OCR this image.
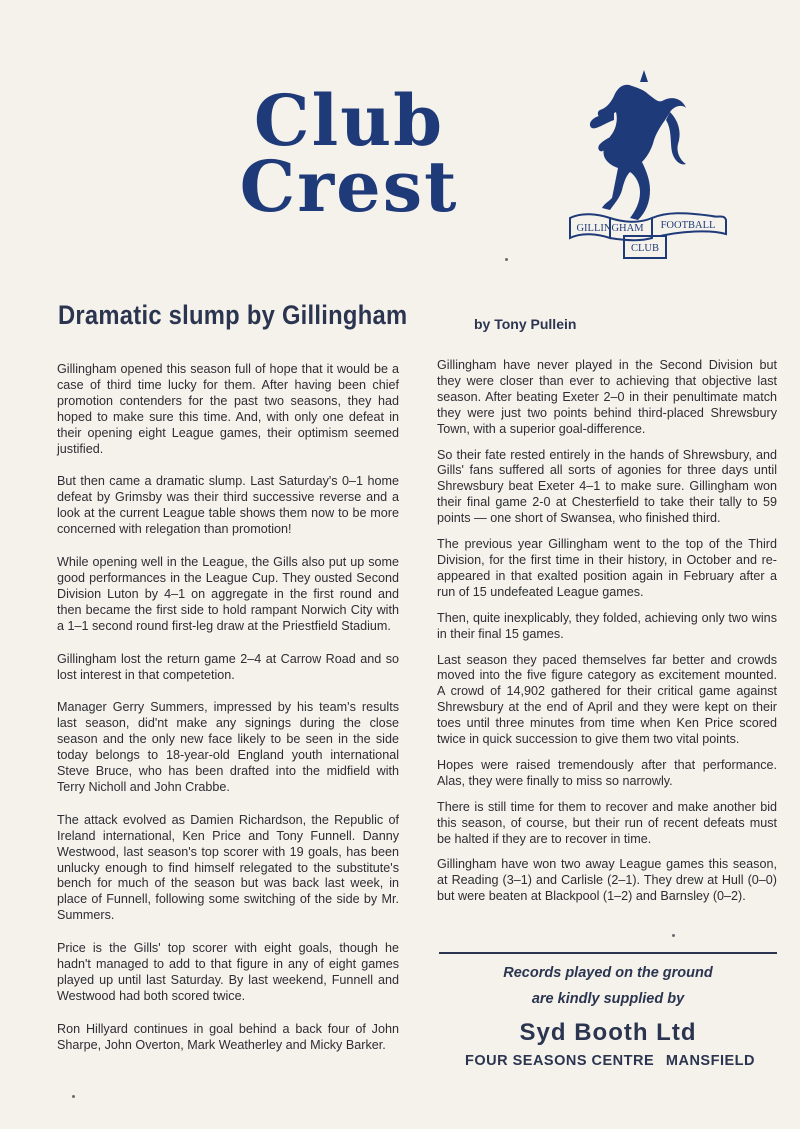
Club
Crest
GILLINGHAM FOOTBALL
CLUB
Dramatic slump by Gillingham	by Tony Pullein

Gillingham opened this season full of hope that it would be a case of third time lucky for them. After having been chief promotion contenders for the past two seasons, they had hoped to make sure this time. And, with only one defeat in their opening eight League games, their optimism seemed justified.

But then came a dramatic slump. Last Saturday's 0–1 home defeat by Grimsby was their third successive reverse and a look at the current League table shows them now to be more concerned with relegation than promotion!

While opening well in the League, the Gills also put up some good performances in the League Cup. They ousted Second Division Luton by 4–1 on aggregate in the first round and then became the first side to hold rampant Norwich City with a 1–1 second round first-leg draw at the Priestfield Stadium.

Gillingham lost the return game 2–4 at Carrow Road and so lost interest in that competetion.

Manager Gerry Summers, impressed by his team's results last season, did'nt make any signings during the close season and the only new face likely to be seen in the side today belongs to 18-year-old England youth international Steve Bruce, who has been drafted into the midfield with Terry Nicholl and John Crabbe.

The attack evolved as Damien Richardson, the Republic of Ireland international, Ken Price and Tony Funnell. Danny Westwood, last season's top scorer with 19 goals, has been unlucky enough to find himself relegated to the substitute's bench for much of the season but was back last week, in place of Funnell, following some switching of the side by Mr. Summers.

Price is the Gills' top scorer with eight goals, though he hadn't managed to add to that figure in any of eight games played up until last Saturday. By last weekend, Funnell and Westwood had both scored twice.

Ron Hillyard continues in goal behind a back four of John Sharpe, John Overton, Mark Weatherley and Micky Barker.

Gillingham have never played in the Second Division but they were closer than ever to achieving that objective last season. After beating Exeter 2–0 in their penultimate match they were just two points behind third-placed Shrewsbury Town, with a superior goal-difference.

So their fate rested entirely in the hands of Shrewsbury, and Gills' fans suffered all sorts of agonies for three days until Shrewsbury beat Exeter 4–1 to make sure. Gillingham won their final game 2-0 at Chesterfield to take their tally to 59 points — one short of Swansea, who finished third.

The previous year Gillingham went to the top of the Third Division, for the first time in their history, in October and re-appeared in that exalted position again in February after a run of 15 undefeated League games.

Then, quite inexplicably, they folded, achieving only two wins in their final 15 games.

Last season they paced themselves far better and crowds moved into the five figure category as excitement mounted. A crowd of 14,902 gathered for their critical game against Shrewsbury at the end of April and they were kept on their toes until three minutes from time when Ken Price scored twice in quick succession to give them two vital points.

Hopes were raised tremendously after that performance. Alas, they were finally to miss so narrowly.

There is still time for them to recover and make another bid this season, of course, but their run of recent defeats must be halted if they are to recover in time.

Gillingham have won two away League games this season, at Reading (3–1) and Carlisle (2–1). They drew at Hull (0–0) but were beaten at Blackpool (1–2) and Barnsley (0–2).

Records played on the ground
are kindly supplied by
Syd Booth Ltd
FOUR SEASONS CENTRE MANSFIELD
